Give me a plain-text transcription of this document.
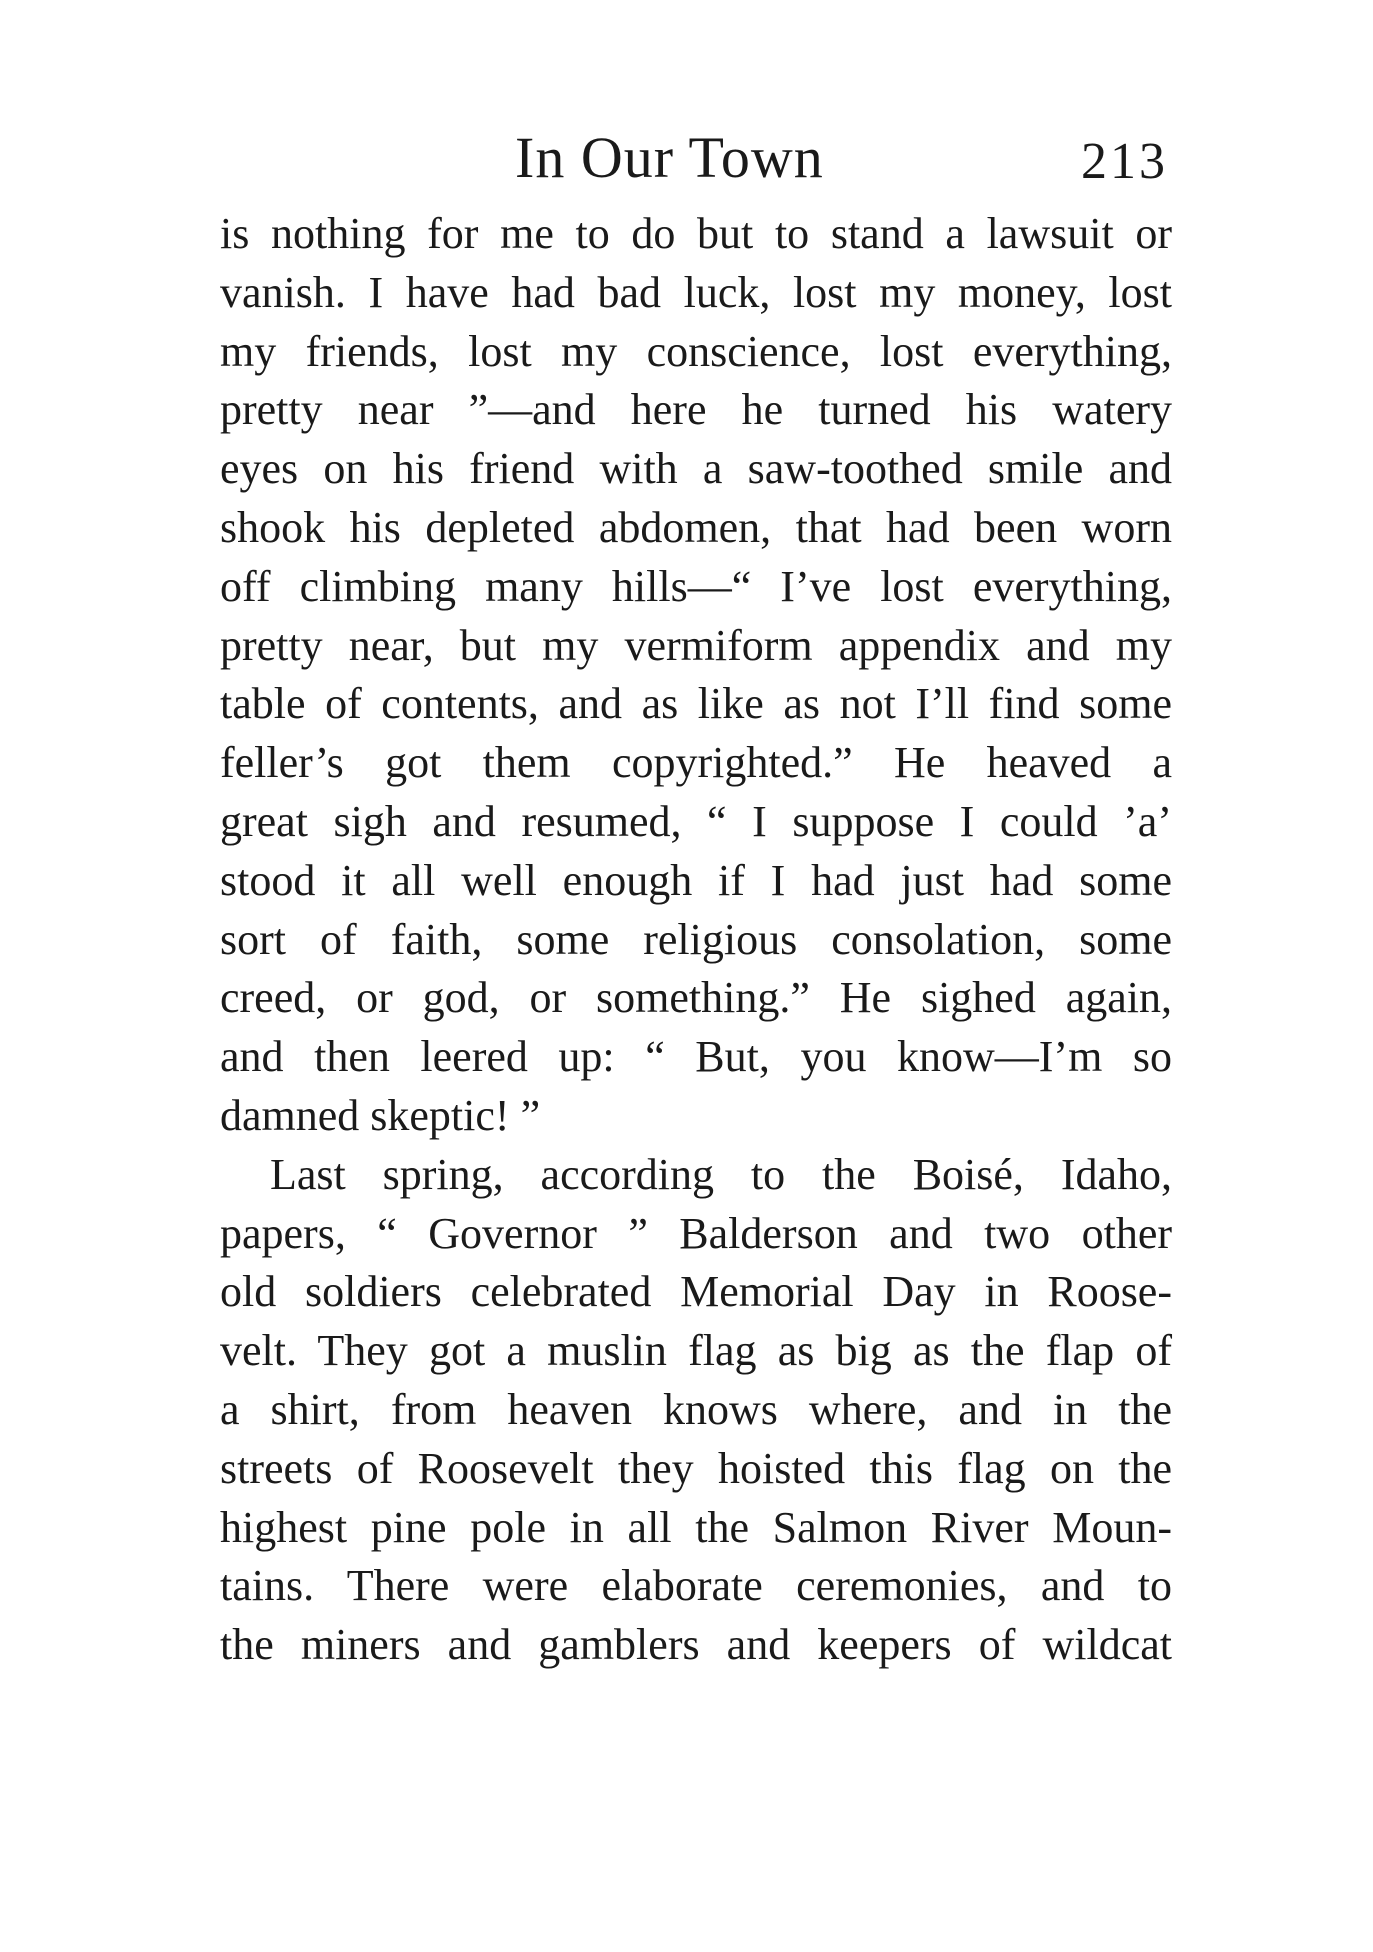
In Our Town	213
is nothing for me to do but to stand a lawsuit or
vanish. I have had bad luck, lost my money, lost
my friends, lost my conscience, lost everything,
pretty near ”—and here he turned his watery
eyes on his friend with a saw-toothed smile and
shook his depleted abdomen, that had been worn
off climbing many hills—“ I’ve lost everything,
pretty near, but my vermiform appendix and my
table of contents, and as like as not I’ll find some
feller’s got them copyrighted.” He heaved a
great sigh and resumed, “ I suppose I could ’a’
stood it all well enough if I had just had some
sort of faith, some religious consolation, some
creed, or god, or something.” He sighed again,
and then leered up: “ But, you know—I’m so
damned skeptic! ”
Last spring, according to the Boisé, Idaho,
papers, “ Governor ” Balderson and two other
old soldiers celebrated Memorial Day in Roose-
velt. They got a muslin flag as big as the flap of
a shirt, from heaven knows where, and in the
streets of Roosevelt they hoisted this flag on the
highest pine pole in all the Salmon River Moun-
tains. There were elaborate ceremonies, and to
the miners and gamblers and keepers of wildcat
